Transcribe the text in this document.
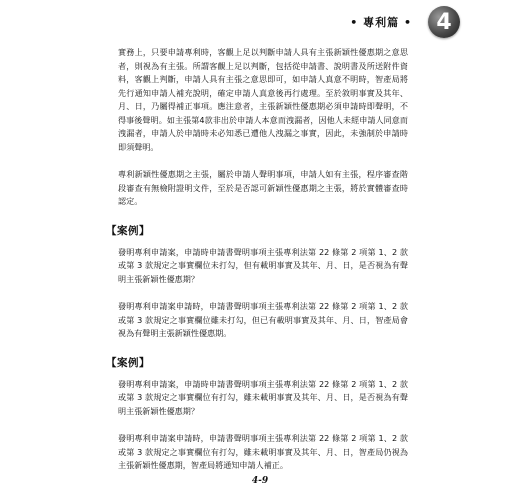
• 專利篇 •	4

實務上，只要申請專利時，客觀上足以判斷申請人具有主張新穎性優惠期之意思者，則視為有主張。所謂客觀上足以判斷，包括從申請書、說明書及所送附件資料，客觀上判斷，申請人具有主張之意思即可，如申請人真意不明時，智產局將先行通知申請人補充說明，確定申請人真意後再行處理。至於敘明事實及其年、月、日，乃屬得補正事項。應注意者，主張新穎性優惠期必須申請時即聲明，不得事後聲明。如主張第4款非出於申請人本意而洩漏者，因他人未經申請人同意而洩漏者，申請人於申請時未必知悉已遭他人洩漏之事實，因此，未強制於申請時即須聲明。

專利新穎性優惠期之主張，屬於申請人聲明事項，申請人如有主張，程序審查階段審查有無檢附證明文件，至於是否認可新穎性優惠期之主張，將於實體審查時認定。

【案例】

發明專利申請案，申請時申請書聲明事項主張專利法第 22 條第 2 項第 1、2 款或第 3 款規定之事實欄位未打勾，但有載明事實及其年、月、日，是否視為有聲明主張新穎性優惠期？

發明專利申請案申請時，申請書聲明事項主張專利法第 22 條第 2 項第 1、2 款或第 3 款規定之事實欄位雖未打勾，但已有載明事實及其年、月、日，智產局會視為有聲明主張新穎性優惠期。

【案例】

發明專利申請案，申請時申請書聲明事項主張專利法第 22 條第 2 項第 1、2 款或第 3 款規定之事實欄位有打勾，雖未載明事實及其年、月、日，是否視為有聲明主張新穎性優惠期？

發明專利申請案申請時，申請書聲明事項主張專利法第 22 條第 2 項第 1、2 款或第 3 款規定之事實欄位有打勾，雖未載明事實及其年、月、日，智產局仍視為主張新穎性優惠期，智產局將通知申請人補正。

4-9
